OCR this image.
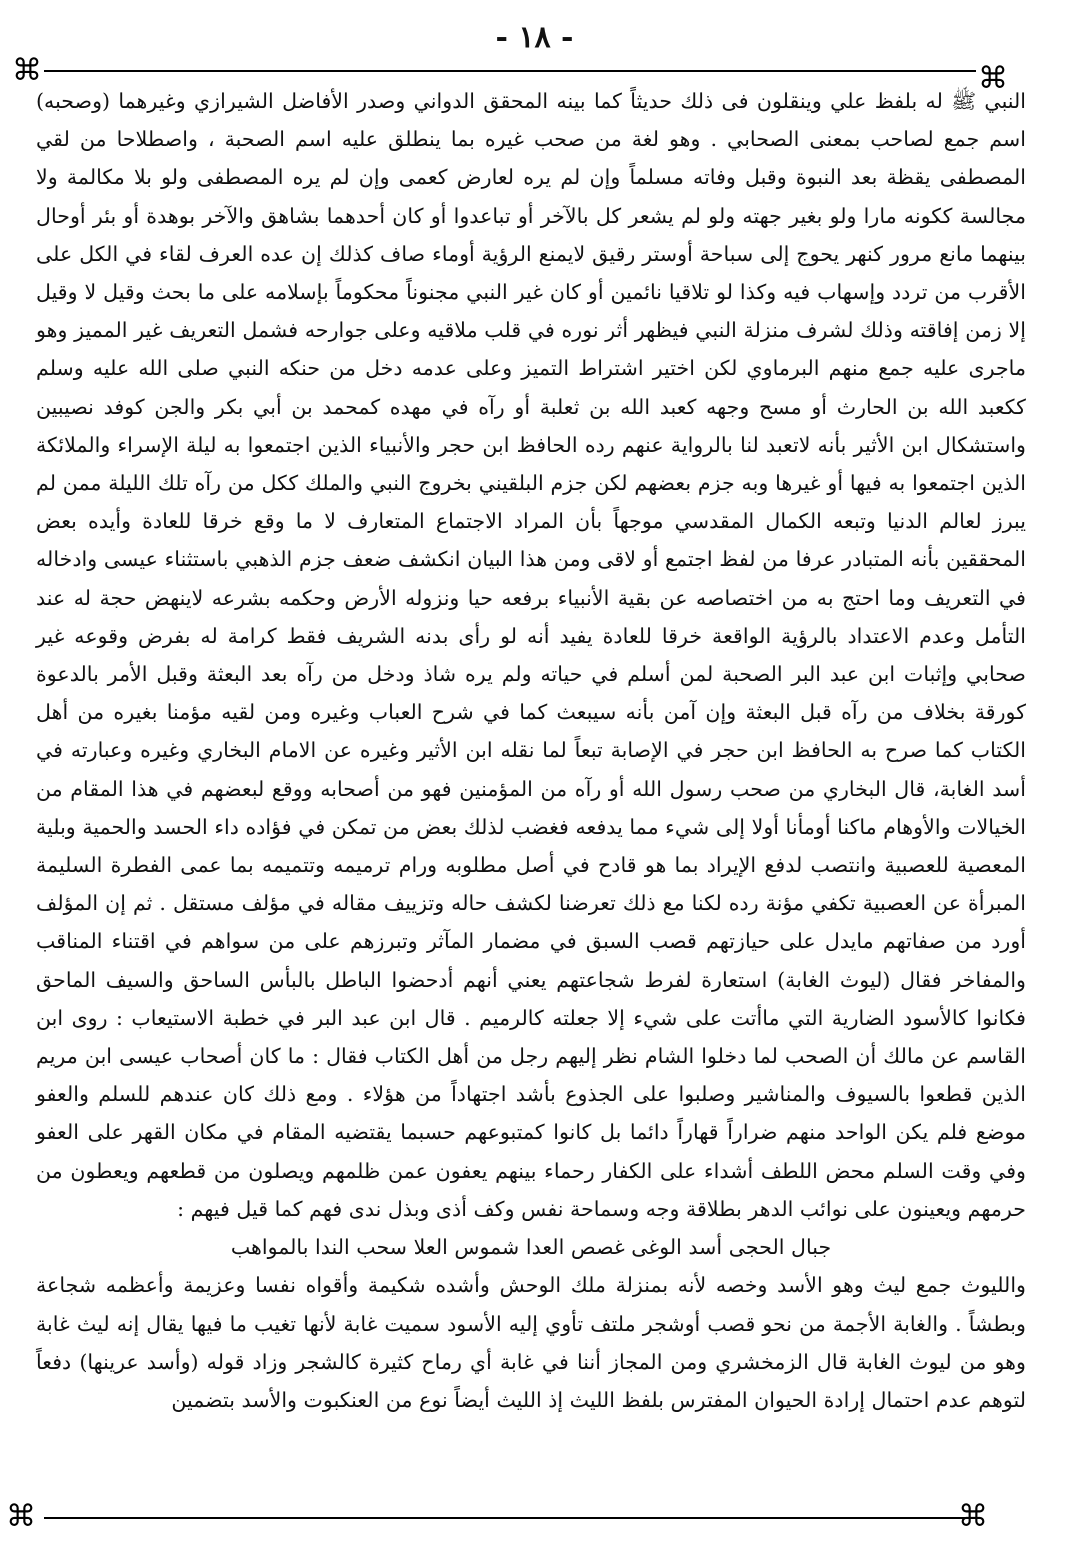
- ١٨ -
⌘	⌘
⌘	⌘

النبي ﷺ له بلفظ علي وينقلون فى ذلك حديثاً كما بينه المحقق الدواني وصدر الأفاضل الشيرازي وغيرهما (وصحبه) اسم جمع لصاحب بمعنى الصحابي . وهو لغة من صحب غيره بما ينطلق عليه اسم الصحبة ، واصطلاحا من لقي المصطفى يقظة بعد النبوة وقبل وفاته مسلماً وإن لم يره لعارض كعمى وإن لم يره المصطفى ولو بلا مكالمة ولا مجالسة ككونه مارا ولو بغير جهته ولو لم يشعر كل بالآخر أو تباعدوا أو كان أحدهما بشاهق والآخر بوهدة أو بئر أوحال بينهما مانع مرور كنهر يحوج إلى سباحة أوستر رقيق لايمنع الرؤية أوماء صاف كذلك إن عده العرف لقاء في الكل على الأقرب من تردد وإسهاب فيه وكذا لو تلاقيا نائمين أو كان غير النبي مجنوناً محكوماً بإسلامه على ما بحث وقيل لا وقيل إلا زمن إفاقته وذلك لشرف منزلة النبي فيظهر أثر نوره في قلب ملاقيه وعلى جوارحه فشمل التعريف غير المميز وهو ماجرى عليه جمع منهم البرماوي لكن اختير اشتراط التميز وعلى عدمه دخل من حنكه النبي صلى الله عليه وسلم ككعبد الله بن الحارث أو مسح وجهه كعبد الله بن ثعلبة أو رآه في مهده كمحمد بن أبي بكر والجن كوفد نصيبين واستشكال ابن الأثير بأنه لاتعبد لنا بالرواية عنهم رده الحافظ ابن حجر والأنبياء الذين اجتمعوا به ليلة الإسراء والملائكة الذين اجتمعوا به فيها أو غيرها وبه جزم بعضهم لكن جزم البلقيني بخروج النبي والملك ككل من رآه تلك الليلة ممن لم يبرز لعالم الدنيا وتبعه الكمال المقدسي موجهاً بأن المراد الاجتماع المتعارف لا ما وقع خرقا للعادة وأيده بعض المحققين بأنه المتبادر عرفا من لفظ اجتمع أو لاقى ومن هذا البيان انكشف ضعف جزم الذهبي باستثناء عيسى وادخاله في التعريف وما احتج به من اختصاصه عن بقية الأنبياء برفعه حيا ونزوله الأرض وحكمه بشرعه لاينهض حجة له عند التأمل وعدم الاعتداد بالرؤية الواقعة خرقا للعادة يفيد أنه لو رأى بدنه الشريف فقط كرامة له بفرض وقوعه غير صحابي وإثبات ابن عبد البر الصحبة لمن أسلم في حياته ولم يره شاذ ودخل من رآه بعد البعثة وقبل الأمر بالدعوة كورقة بخلاف من رآه قبل البعثة وإن آمن بأنه سيبعث كما في شرح العباب وغيره ومن لقيه مؤمنا بغيره من أهل الكتاب كما صرح به الحافظ ابن حجر في الإصابة تبعاً لما نقله ابن الأثير وغيره عن الامام البخاري وغيره وعبارته في أسد الغابة، قال البخاري من صحب رسول الله أو رآه من المؤمنين فهو من أصحابه ووقع لبعضهم في هذا المقام من الخيالات والأوهام ماكنا أومأنا أولا إلى شيء مما يدفعه فغضب لذلك بعض من تمكن في فؤاده داء الحسد والحمية وبلية المعصية للعصبية وانتصب لدفع الإيراد بما هو قادح في أصل مطلوبه ورام ترميمه وتتميمه بما عمى الفطرة السليمة المبرأة عن العصبية تكفي مؤنة رده لكنا مع ذلك تعرضنا لكشف حاله وتزييف مقاله في مؤلف مستقل . ثم إن المؤلف أورد من صفاتهم مايدل على حيازتهم قصب السبق في مضمار المآثر وتبرزهم على من سواهم في اقتناء المناقب والمفاخر فقال (ليوث الغابة) استعارة لفرط شجاعتهم يعني أنهم أدحضوا الباطل بالبأس الساحق والسيف الماحق فكانوا كالأسود الضارية التي ماأتت على شيء إلا جعلته كالرميم . قال ابن عبد البر في خطبة الاستيعاب : روى ابن القاسم عن مالك أن الصحب لما دخلوا الشام نظر إليهم رجل من أهل الكتاب فقال : ما كان أصحاب عيسى ابن مريم الذين قطعوا بالسيوف والمناشير وصلبوا على الجذوع بأشد اجتهاداً من هؤلاء . ومع ذلك كان عندهم للسلم والعفو موضع فلم يكن الواحد منهم ضراراً قهاراً دائما بل كانوا كمتبوعهم حسبما يقتضيه المقام في مكان القهر على العفو وفي وقت السلم محض اللطف أشداء على الكفار رحماء بينهم يعفون عمن ظلمهم ويصلون من قطعهم ويعطون من حرمهم ويعينون على نوائب الدهر بطلاقة وجه وسماحة نفس وكف أذى وبذل ندى فهم كما قيل فيهم :

جبال الحجى أسد الوغى غصص العدا شموس العلا سحب الندا بالمواهب

والليوث جمع ليث وهو الأسد وخصه لأنه بمنزلة ملك الوحش وأشده شكيمة وأقواه نفسا وعزيمة وأعظمه شجاعة وبطشاً . والغابة الأجمة من نحو قصب أوشجر ملتف تأوي إليه الأسود سميت غابة لأنها تغيب ما فيها يقال إنه ليث غابة وهو من ليوث الغابة قال الزمخشري ومن المجاز أننا في غابة أي رماح كثيرة كالشجر وزاد قوله (وأسد عرينها) دفعاً لتوهم عدم احتمال إرادة الحيوان المفترس بلفظ الليث إذ الليث أيضاً نوع من العنكبوت والأسد بتضمين
